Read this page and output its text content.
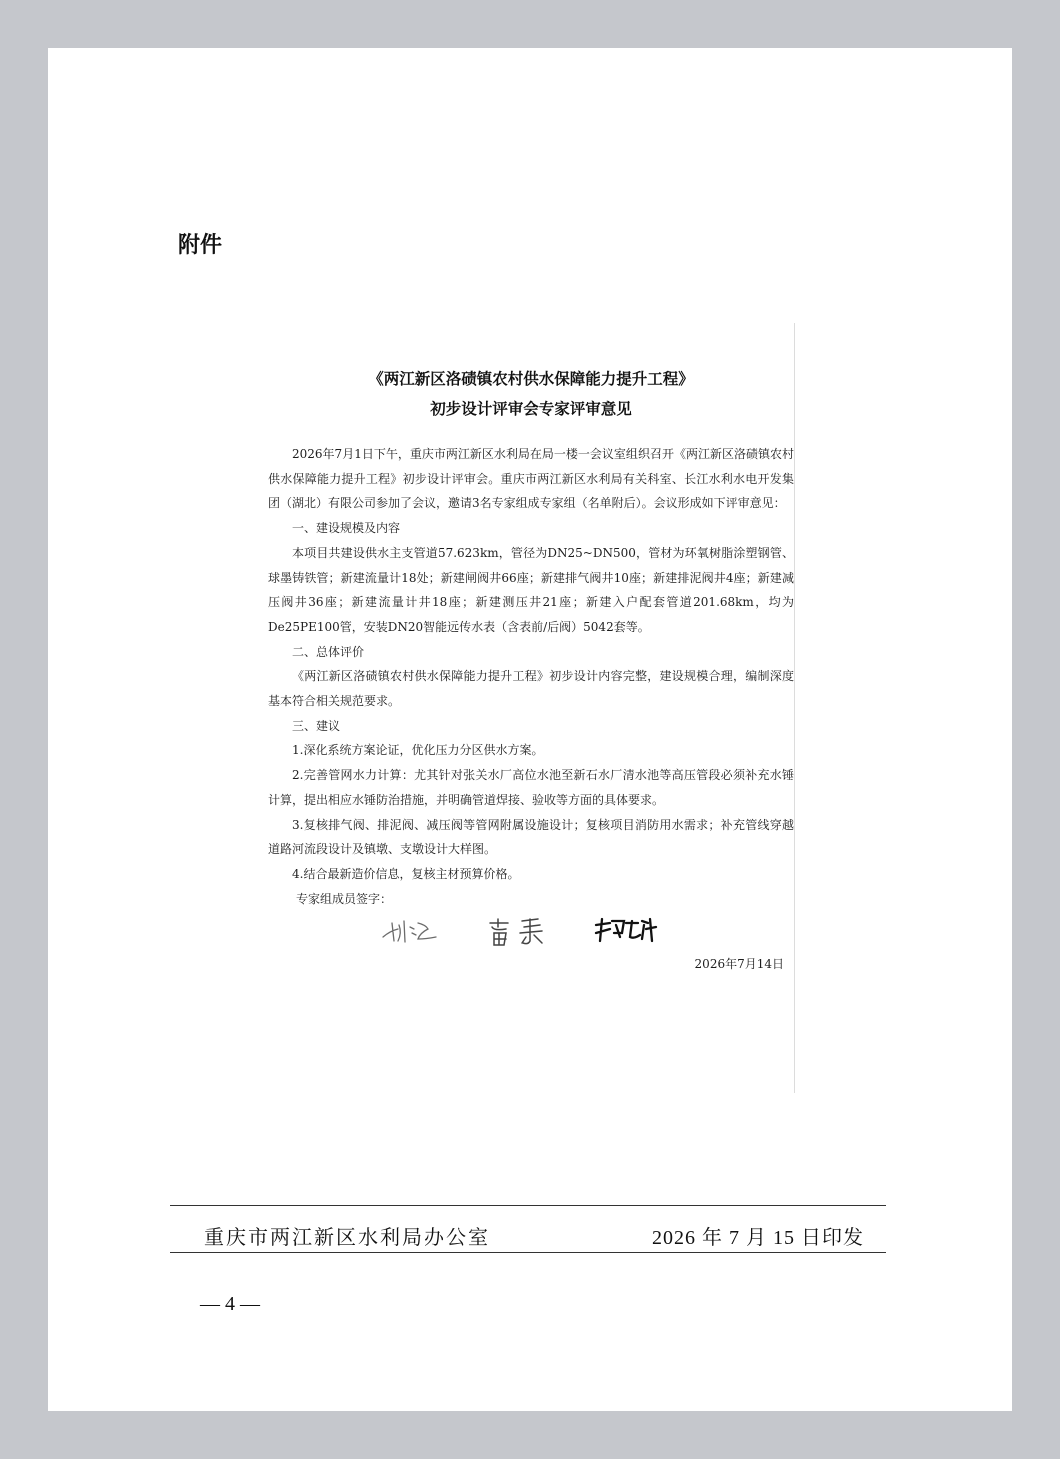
附件
《两江新区洛碛镇农村供水保障能力提升工程》
初步设计评审会专家评审意见

2026年7月1日下午，重庆市两江新区水利局在局一楼一会议室组织召开《两江新区洛碛镇农村供水保障能力提升工程》初步设计评审会。重庆市两江新区水利局有关科室、长江水利水电开发集团（湖北）有限公司参加了会议，邀请3名专家组成专家组（名单附后）。会议形成如下评审意见：

一、建设规模及内容

本项目共建设供水主支管道57.623km，管径为DN25~DN500，管材为环氧树脂涂塑钢管、球墨铸铁管；新建流量计18处；新建闸阀井66座；新建排气阀井10座；新建排泥阀井4座；新建减压阀井36座；新建流量计井18座；新建测压井21座；新建入户配套管道201.68km，均为De25PE100管，安装DN20智能远传水表（含表前/后阀）5042套等。

二、总体评价

《两江新区洛碛镇农村供水保障能力提升工程》初步设计内容完整，建设规模合理，编制深度基本符合相关规范要求。

三、建议

1.深化系统方案论证，优化压力分区供水方案。

2.完善管网水力计算：尤其针对张关水厂高位水池至新石水厂清水池等高压管段必须补充水锤计算，提出相应水锤防治措施，并明确管道焊接、验收等方面的具体要求。

3.复核排气阀、排泥阀、减压阀等管网附属设施设计；复核项目消防用水需求；补充管线穿越道路河流段设计及镇墩、支墩设计大样图。

4.结合最新造价信息，复核主材预算价格。

专家组成员签字：
2026年7月14日
重庆市两江新区水利局办公室	2026 年 7 月 15 日印发
— 4 —
